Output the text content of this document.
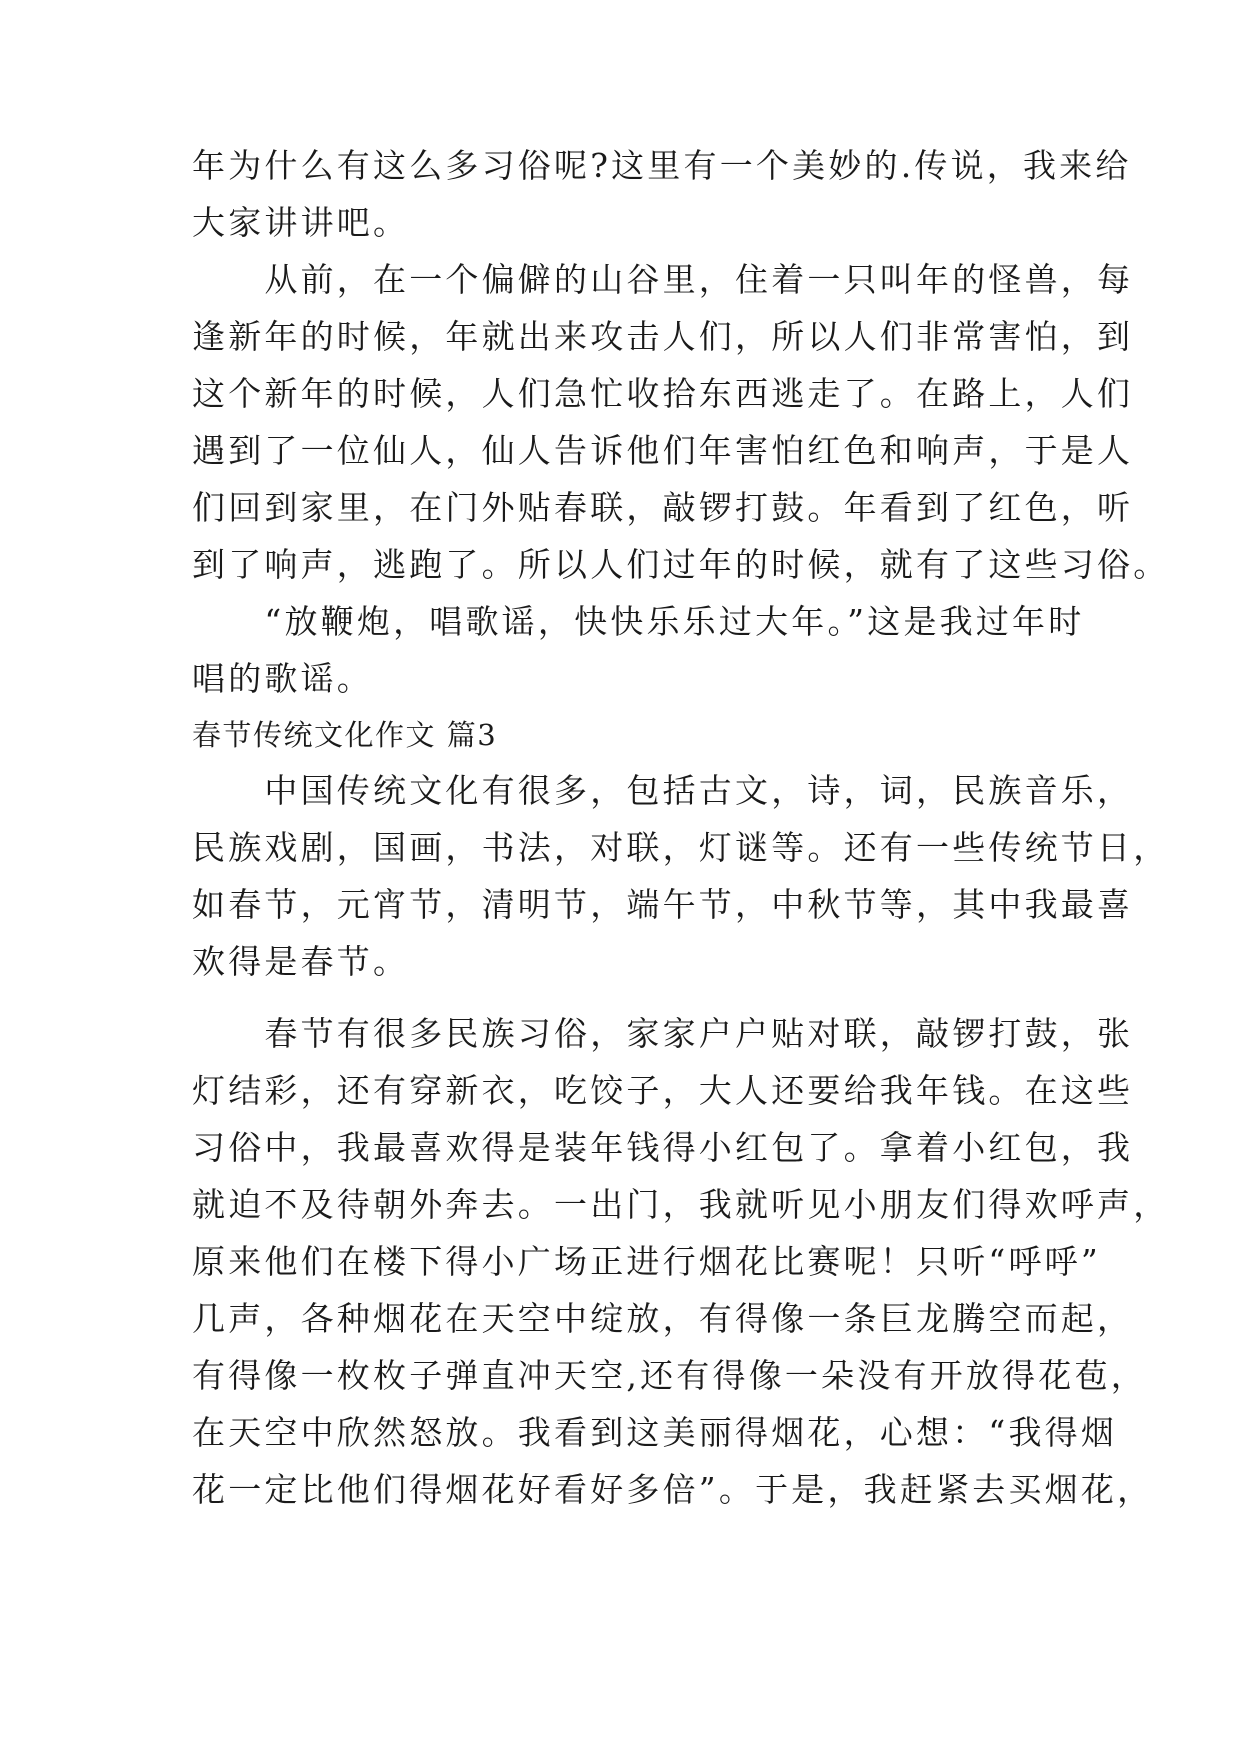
年为什么有这么多习俗呢?这里有一个美妙的.传说，我来给
大家讲讲吧。
　　从前，在一个偏僻的山谷里，住着一只叫年的怪兽，每
逢新年的时候，年就出来攻击人们，所以人们非常害怕，到
这个新年的时候，人们急忙收拾东西逃走了。在路上，人们
遇到了一位仙人，仙人告诉他们年害怕红色和响声，于是人
们回到家里，在门外贴春联，敲锣打鼓。年看到了红色，听
到了响声，逃跑了。所以人们过年的时候，就有了这些习俗。
　　“放鞭炮，唱歌谣，快快乐乐过大年。”这是我过年时
唱的歌谣。
春节传统文化作文 篇3
　　中国传统文化有很多，包括古文，诗，词，民族音乐，
民族戏剧，国画，书法，对联，灯谜等。还有一些传统节日，
如春节，元宵节，清明节，端午节，中秋节等，其中我最喜
欢得是春节。
　　春节有很多民族习俗，家家户户贴对联，敲锣打鼓，张
灯结彩，还有穿新衣，吃饺子，大人还要给我年钱。在这些
习俗中，我最喜欢得是装年钱得小红包了。拿着小红包，我
就迫不及待朝外奔去。一出门，我就听见小朋友们得欢呼声，
原来他们在楼下得小广场正进行烟花比赛呢！只听“呼呼”
几声，各种烟花在天空中绽放，有得像一条巨龙腾空而起，
有得像一枚枚子弹直冲天空,还有得像一朵没有开放得花苞，
在天空中欣然怒放。我看到这美丽得烟花，心想：“我得烟
花一定比他们得烟花好看好多倍”。于是，我赶紧去买烟花，
